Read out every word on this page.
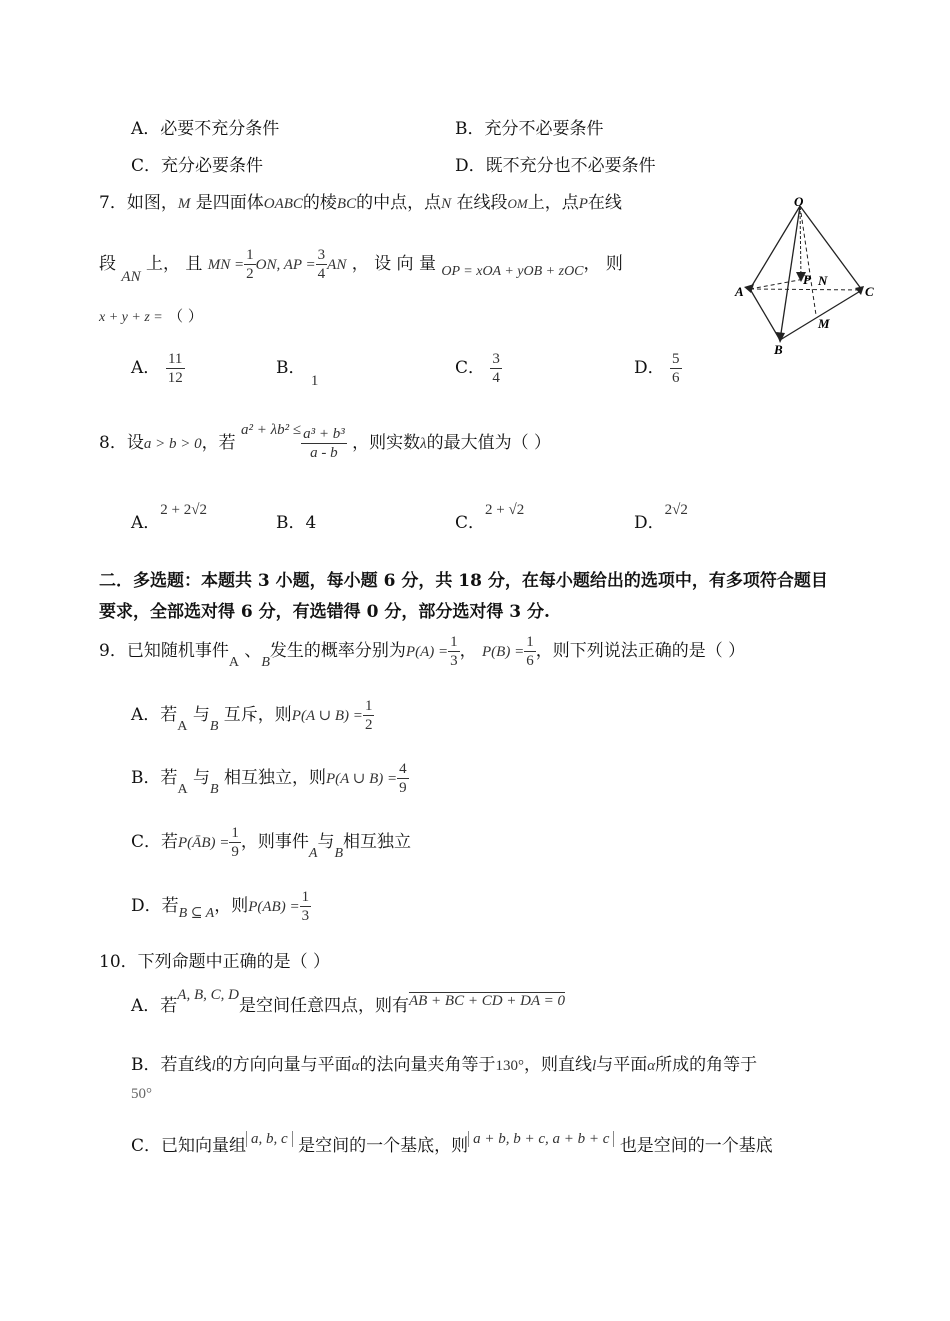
A．必要不充分条件	B．充分不必要条件
C．充分必要条件	D．既不充分也不必要条件
7．如图，M 是四面体OABC的棱BC的中点，点N 在线段OM上，点P在线
段 AN 上， 且 MN = $\frac{1}{2}$ ON, AP = $\frac{3}{4}$ AN ， 设 向 量 $_{OP = xOA + yOB + zOC}$， 则
x + y + z = （ ）
A． $\frac{11}{12}$	B． 1
C． $\frac{3}{4}$	D． $\frac{5}{6}$
O
A
B
C
N
P
M
8．设a > b > 0，若 $a^2 + \lambda b^2 \le \frac{\text{a³ + b³}}{a - b}$ ，则实数λ的最大值为（ ）
A．2 + 2√2
B．4	C．2 + √2
D．2√2
二．多选题：本题共 3 小题，每小题 6 分，共 18 分，在每小题给出的选项中，有多项符合题目
要求，全部选对得 6 分，有选错得 0 分，部分选对得 3 分.
9．已知随机事件$_A$ 、$_B$发生的概率分别为$P(A) = \frac{1}{3}$ ， $P(B) = \frac{1}{6}$ ，则下列说法正确的是（ ）
A．若$_A$ 与$_B$ 互斥，则P(A ∪ $B) = \frac{1}{2}$
B．若$_A$ 与$_B$ 相互独立，则P(A ∪ $B) = \frac{4}{9}$
C．若P(ĀB) = $\frac{1}{9}$ ，则事件$_A$与$_B$相互独立
D．若$_{B ⊆ A}$，则$P(AB) = \frac{1}{3}$
10．下列命题中正确的是（ ）
A．若A, B, C, D是空间任意四点，则有AB + BC + CD + DA = 0
B．若直线l的方向向量与平面α的法向量夹角等于130°，则直线l与平面α所成的角等于
50°
C．已知向量组 a, b, c 是空间的一个基底，则 a + b, b + c, a + b + c 也是空间的一个基底
